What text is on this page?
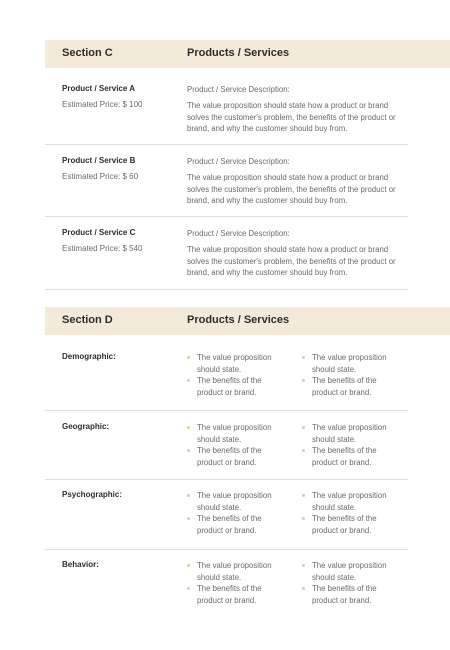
Section C	Products / Services
Product / Service A
Estimated Price: $ 100
Product / Service Description:
The value proposition should state how a product or brand solves the customer's problem, the benefits of the product or brand, and why the customer should buy from.
Product / Service B
Estimated Price: $ 60
Product / Service Description:
The value proposition should state how a product or brand solves the customer's problem, the benefits of the product or brand, and why the customer should buy from.
Product / Service C
Estimated Price: $ 540
Product / Service Description:
The value proposition should state how a product or brand solves the customer's problem, the benefits of the product or brand, and why the customer should buy from.
Section D	Products / Services
Demographic:	The value proposition should state.
The benefits of the product or brand.
The value proposition should state.
The benefits of the product or brand.
Geographic:	The value proposition should state.
The benefits of the product or brand.
The value proposition should state.
The benefits of the product or brand.
Psychographic:	The value proposition should state.
The benefits of the product or brand.
The value proposition should state.
The benefits of the product or brand.
Behavior:	The value proposition should state.
The benefits of the product or brand.
The value proposition should state.
The benefits of the product or brand.
